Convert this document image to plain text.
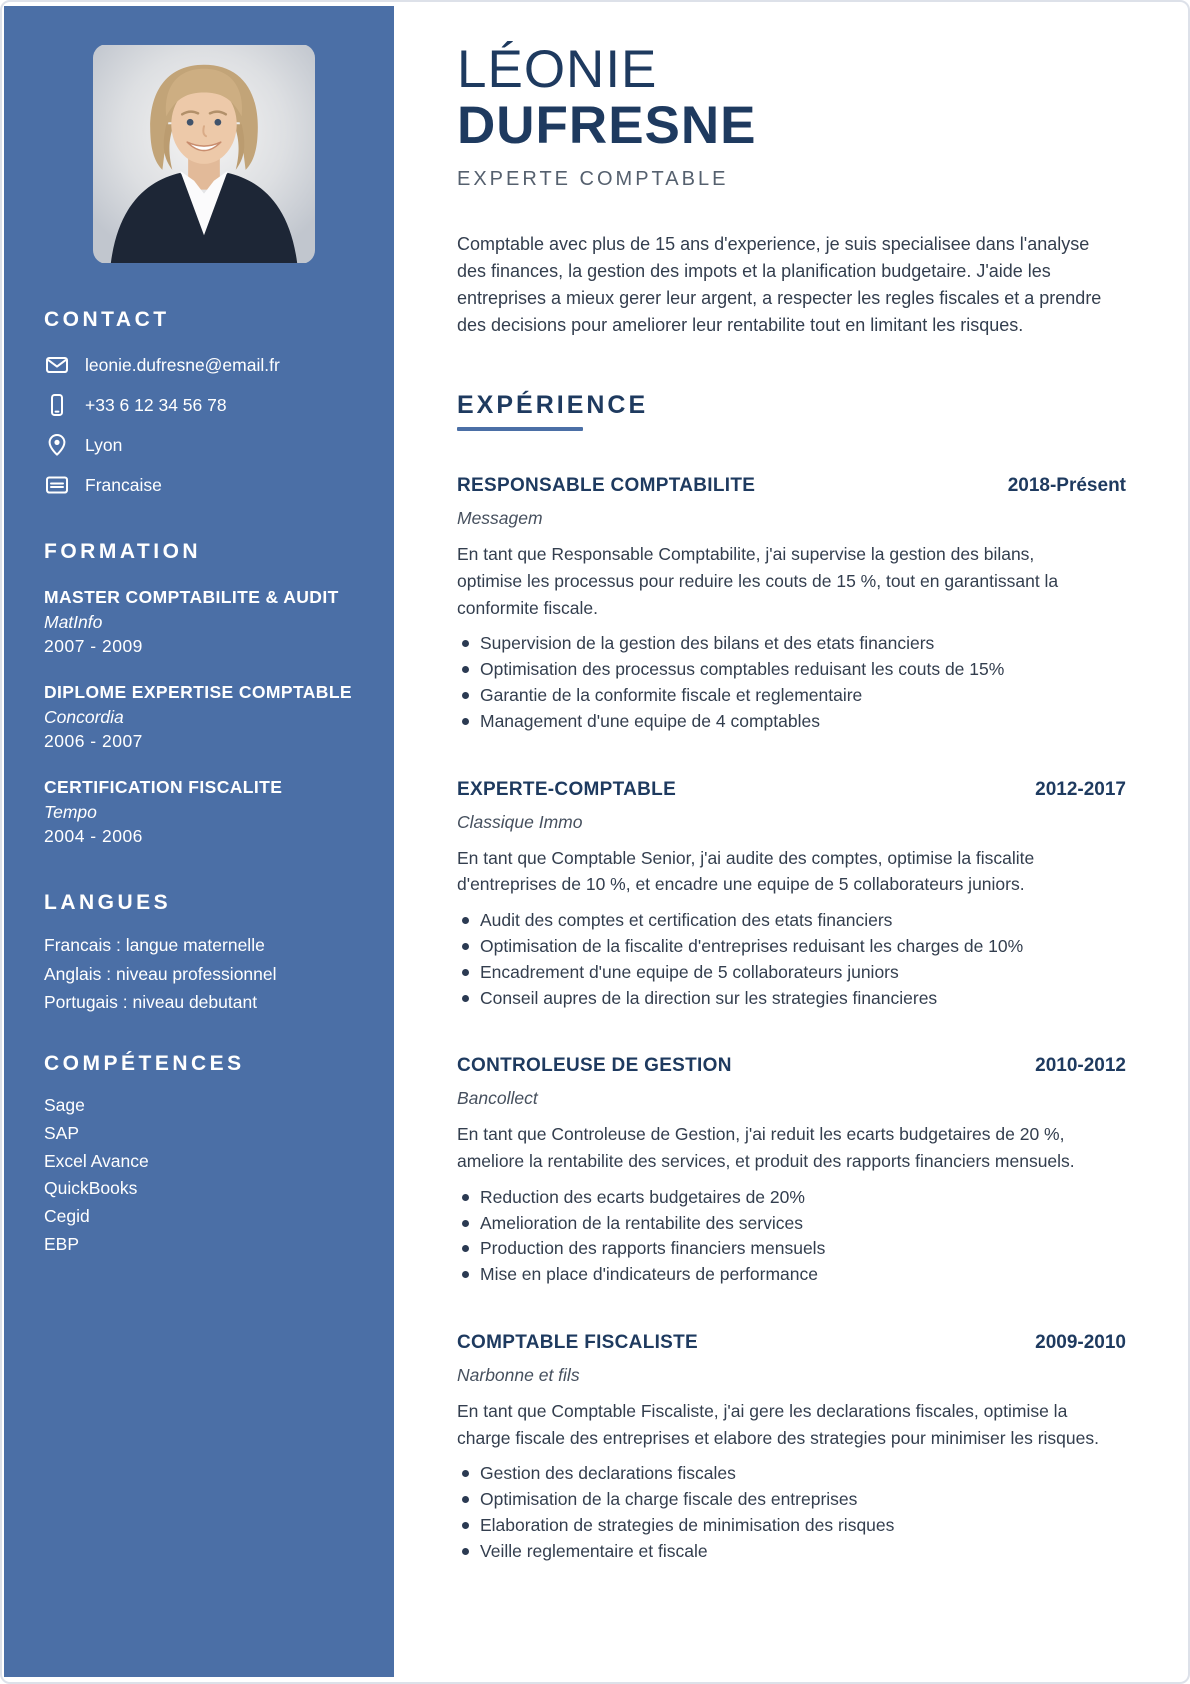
CONTACT
leonie.dufresne@email.fr
+33 6 12 34 56 78
Lyon
Francaise
FORMATION
MASTER COMPTABILITE & AUDIT
MatInfo
2007 - 2009
DIPLOME EXPERTISE COMPTABLE
Concordia
2006 - 2007
CERTIFICATION FISCALITE
Tempo
2004 - 2006
LANGUES
Francais : langue maternelle
Anglais : niveau professionnel
Portugais : niveau debutant
COMPÉTENCES
Sage
SAP
Excel Avance
QuickBooks
Cegid
EBP
LÉONIE
DUFRESNE
EXPERTE COMPTABLE

Comptable avec plus de 15 ans d'experience, je suis specialisee dans l'analyse des finances, la gestion des impots et la planification budgetaire. J'aide les entreprises a mieux gerer leur argent, a respecter les regles fiscales et a prendre des decisions pour ameliorer leur rentabilite tout en limitant les risques.

EXPÉRIENCE
RESPONSABLE COMPTABILITE	2018-Présent
Messagem

En tant que Responsable Comptabilite, j'ai supervise la gestion des bilans, optimise les processus pour reduire les couts de 15 %, tout en garantissant la conformite fiscale.

Supervision de la gestion des bilans et des etats financiers
Optimisation des processus comptables reduisant les couts de 15%
Garantie de la conformite fiscale et reglementaire
Management d'une equipe de 4 comptables
EXPERTE-COMPTABLE	2012-2017
Classique Immo

En tant que Comptable Senior, j'ai audite des comptes, optimise la fiscalite d'entreprises de 10 %, et encadre une equipe de 5 collaborateurs juniors.

Audit des comptes et certification des etats financiers
Optimisation de la fiscalite d'entreprises reduisant les charges de 10%
Encadrement d'une equipe de 5 collaborateurs juniors
Conseil aupres de la direction sur les strategies financieres
CONTROLEUSE DE GESTION	2010-2012
Bancollect

En tant que Controleuse de Gestion, j'ai reduit les ecarts budgetaires de 20 %, ameliore la rentabilite des services, et produit des rapports financiers mensuels.

Reduction des ecarts budgetaires de 20%
Amelioration de la rentabilite des services
Production des rapports financiers mensuels
Mise en place d'indicateurs de performance
COMPTABLE FISCALISTE	2009-2010
Narbonne et fils

En tant que Comptable Fiscaliste, j'ai gere les declarations fiscales, optimise la charge fiscale des entreprises et elabore des strategies pour minimiser les risques.

Gestion des declarations fiscales
Optimisation de la charge fiscale des entreprises
Elaboration de strategies de minimisation des risques
Veille reglementaire et fiscale
